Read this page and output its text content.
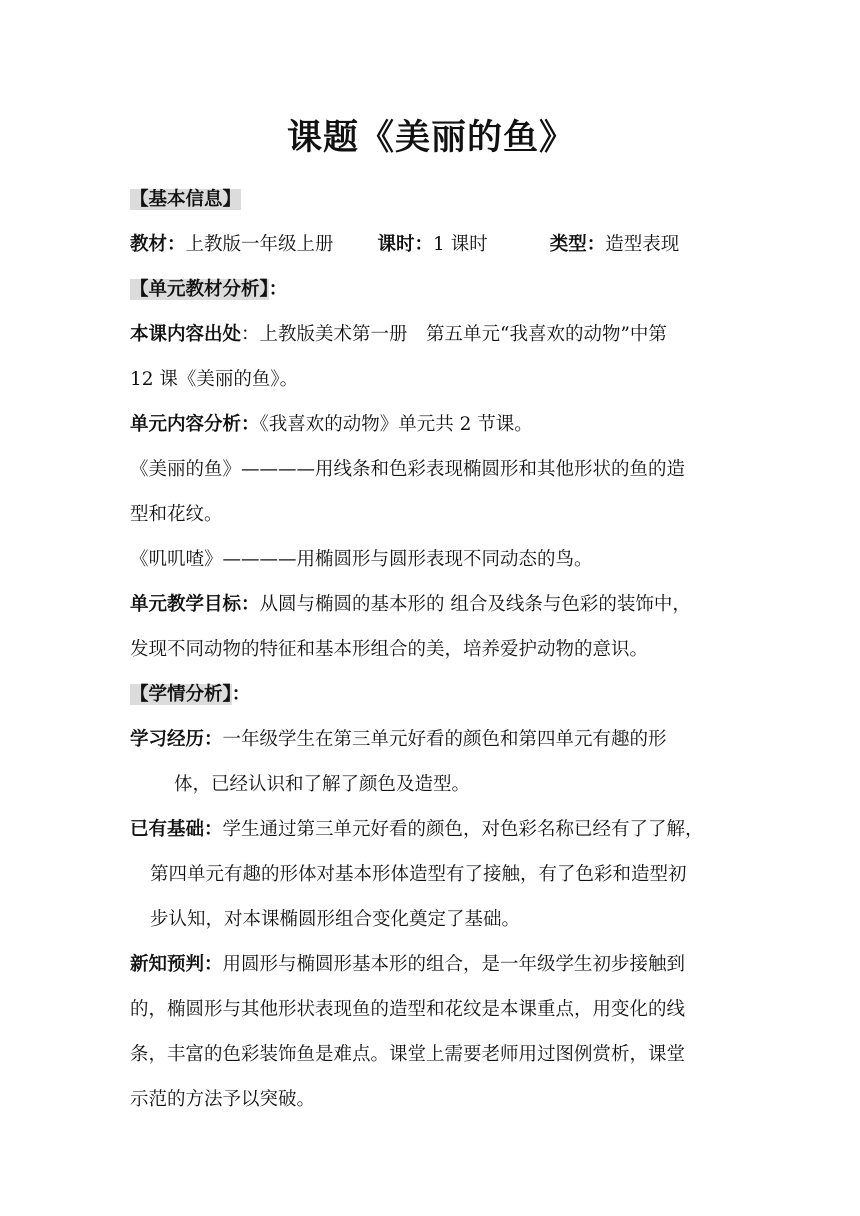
课题《美丽的鱼》
【基本信息】
教材：上教版一年级上册 课时：1 课时	类型：造型表现
【单元教材分析】：
本课内容出处：上教版美术第一册　第五单元“我喜欢的动物”中第
12 课《美丽的鱼》。
单元内容分析：《我喜欢的动物》单元共 2 节课。
《美丽的鱼》————用线条和色彩表现椭圆形和其他形状的鱼的造
型和花纹。
《叽叽喳》————用椭圆形与圆形表现不同动态的鸟。
单元教学目标：从圆与椭圆的基本形的 组合及线条与色彩的装饰中，
发现不同动物的特征和基本形组合的美，培养爱护动物的意识。
【学情分析】：
学习经历：一年级学生在第三单元好看的颜色和第四单元有趣的形
体，已经认识和了解了颜色及造型。
已有基础：学生通过第三单元好看的颜色，对色彩名称已经有了了解，
第四单元有趣的形体对基本形体造型有了接触，有了色彩和造型初
步认知，对本课椭圆形组合变化奠定了基础。
新知预判：用圆形与椭圆形基本形的组合，是一年级学生初步接触到
的，椭圆形与其他形状表现鱼的造型和花纹是本课重点，用变化的线
条，丰富的色彩装饰鱼是难点。课堂上需要老师用过图例赏析，课堂
示范的方法予以突破。
